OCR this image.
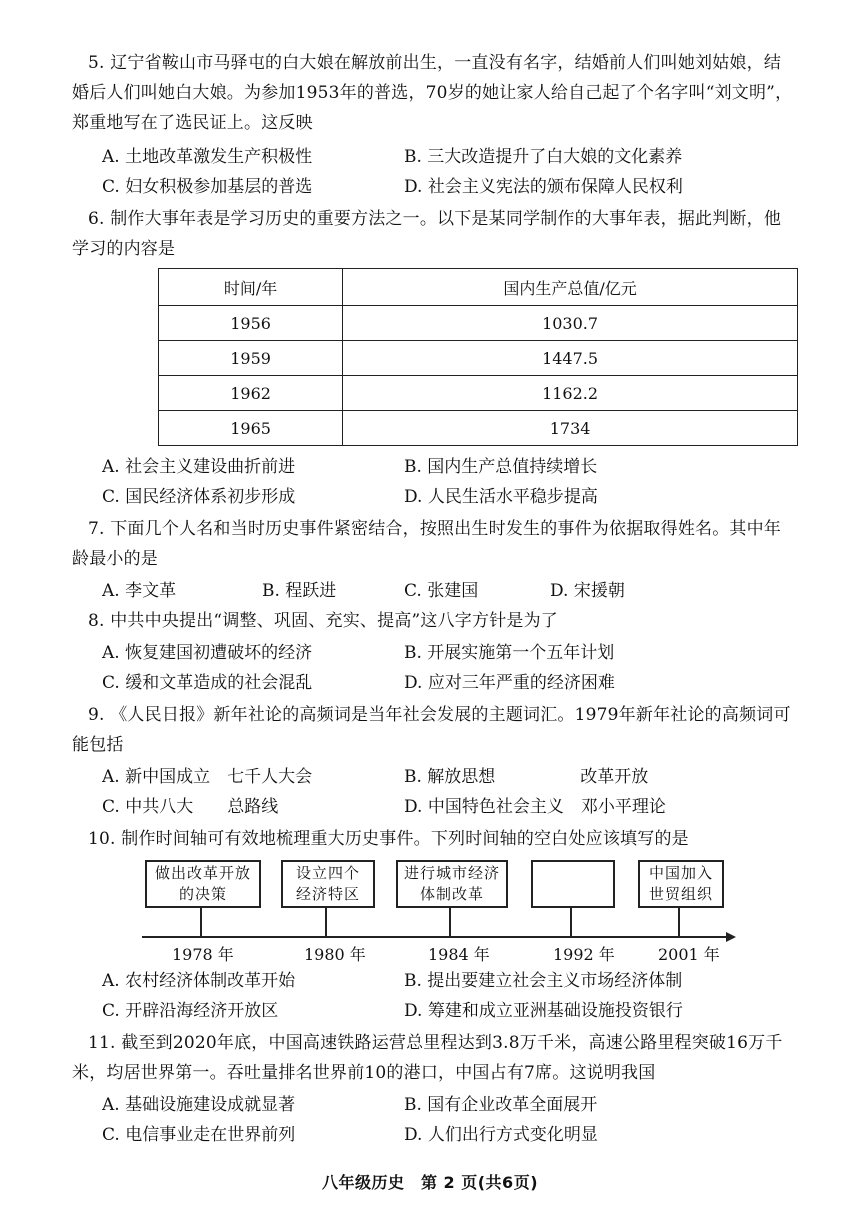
5. 辽宁省鞍山市马驿屯的白大娘在解放前出生，一直没有名字，结婚前人们叫她刘姑娘，结
婚后人们叫她白大娘。为参加1953年的普选，70岁的她让家人给自己起了个名字叫“刘文明”，
郑重地写在了选民证上。这反映
A. 土地改革激发生产积极性	B. 三大改造提升了白大娘的文化素养
C. 妇女积极参加基层的普选	D. 社会主义宪法的颁布保障人民权利
6. 制作大事年表是学习历史的重要方法之一。以下是某同学制作的大事年表，据此判断，他
学习的内容是
时间/年	国内生产总值/亿元
1956	1030.7
1959	1447.5
1962	1162.2
1965	1734
A. 社会主义建设曲折前进	B. 国内生产总值持续增长
C. 国民经济体系初步形成	D. 人民生活水平稳步提高
7. 下面几个人名和当时历史事件紧密结合，按照出生时发生的事件为依据取得姓名。其中年
龄最小的是
A. 李文革	B. 程跃进	C. 张建国	D. 宋援朝
8. 中共中央提出“调整、巩固、充实、提高”这八字方针是为了
A. 恢复建国初遭破坏的经济	B. 开展实施第一个五年计划
C. 缓和文革造成的社会混乱	D. 应对三年严重的经济困难
9. 《人民日报》新年社论的高频词是当年社会发展的主题词汇。1979年新年社论的高频词可
能包括
A. 新中国成立　七千人大会	B. 解放思想　　　　　改革开放
C. 中共八大　　总路线	D. 中国特色社会主义　邓小平理论
10. 制作时间轴可有效地梳理重大历史事件。下列时间轴的空白处应该填写的是
做出改革开放
的决策
1978 年
设立四个
经济特区
1980 年
进行城市经济
体制改革
1984 年	1992 年
中国加入
世贸组织
2001 年
A. 农村经济体制改革开始	B. 提出要建立社会主义市场经济体制
C. 开辟沿海经济开放区	D. 筹建和成立亚洲基础设施投资银行
11. 截至到2020年底，中国高速铁路运营总里程达到3.8万千米，高速公路里程突破16万千
米，均居世界第一。吞吐量排名世界前10的港口，中国占有7席。这说明我国
A. 基础设施建设成就显著	B. 国有企业改革全面展开
C. 电信事业走在世界前列	D. 人们出行方式变化明显
八年级历史　第 2 页(共6页)
